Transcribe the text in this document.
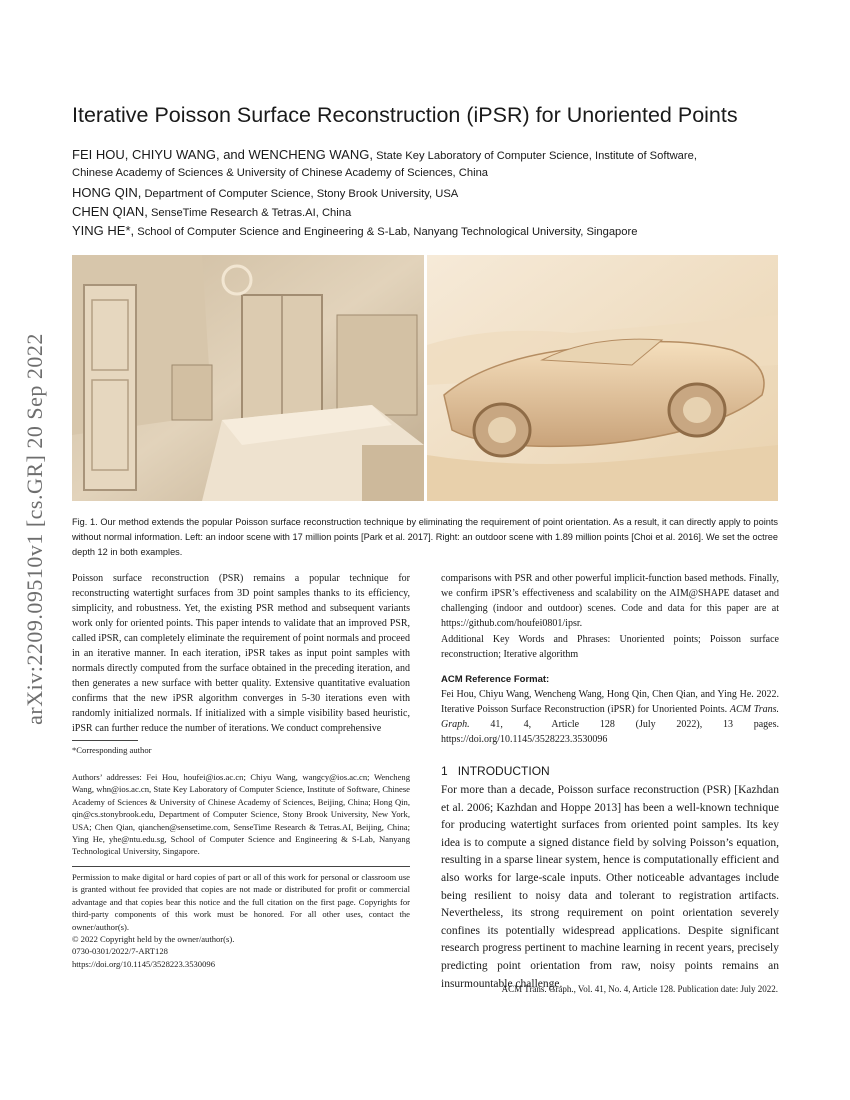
arXiv:2209.09510v1 [cs.GR] 20 Sep 2022
Iterative Poisson Surface Reconstruction (iPSR) for Unoriented Points
FEI HOU, CHIYU WANG, and WENCHENG WANG, State Key Laboratory of Computer Science, Institute of Software,
Chinese Academy of Sciences & University of Chinese Academy of Sciences, China
HONG QIN, Department of Computer Science, Stony Brook University, USA
CHEN QIAN, SenseTime Research & Tetras.AI, China
YING HE*, School of Computer Science and Engineering & S-Lab, Nanyang Technological University, Singapore
Fig. 1. Our method extends the popular Poisson surface reconstruction technique by eliminating the requirement of point orientation. As a result, it can directly apply to points without normal information. Left: an indoor scene with 17 million points [Park et al. 2017]. Right: an outdoor scene with 1.89 million points [Choi et al. 2016]. We set the octree depth 12 in both examples.

Poisson surface reconstruction (PSR) remains a popular technique for reconstructing watertight surfaces from 3D point samples thanks to its efficiency, simplicity, and robustness. Yet, the existing PSR method and subsequent variants work only for oriented points. This paper intends to validate that an improved PSR, called iPSR, can completely eliminate the requirement of point normals and proceed in an iterative manner. In each iteration, iPSR takes as input point samples with normals directly computed from the surface obtained in the preceding iteration, and then generates a new surface with better quality. Extensive quantitative evaluation confirms that the new iPSR algorithm converges in 5-30 iterations even with randomly initialized normals. If initialized with a simple visibility based heuristic, iPSR can further reduce the number of iterations. We conduct comprehensive

comparisons with PSR and other powerful implicit-function based methods. Finally, we confirm iPSR’s effectiveness and scalability on the AIM@SHAPE dataset and challenging (indoor and outdoor) scenes. Code and data for this paper are at https://github.com/houfei0801/ipsr.

Additional Key Words and Phrases: Unoriented points; Poisson surface reconstruction; Iterative algorithm

ACM Reference Format:

Fei Hou, Chiyu Wang, Wencheng Wang, Hong Qin, Chen Qian, and Ying He. 2022. Iterative Poisson Surface Reconstruction (iPSR) for Unoriented Points. ACM Trans. Graph. 41, 4, Article 128 (July 2022), 13 pages. https://doi.org/10.1145/3528223.3530096

*Corresponding author

Authors’ addresses: Fei Hou, houfei@ios.ac.cn; Chiyu Wang, wangcy@ios.ac.cn; Wencheng Wang, whn@ios.ac.cn, State Key Laboratory of Computer Science, Institute of Software, Chinese Academy of Sciences & University of Chinese Academy of Sciences, Beijing, China; Hong Qin, qin@cs.stonybrook.edu, Department of Computer Science, Stony Brook University, New York, USA; Chen Qian, qianchen@sensetime.com, SenseTime Research & Tetras.AI, Beijing, China; Ying He, yhe@ntu.edu.sg, School of Computer Science and Engineering & S-Lab, Nanyang Technological University, Singapore.

Permission to make digital or hard copies of part or all of this work for personal or classroom use is granted without fee provided that copies are not made or distributed for profit or commercial advantage and that copies bear this notice and the full citation on the first page. Copyrights for third-party components of this work must be honored. For all other uses, contact the owner/author(s).

© 2022 Copyright held by the owner/author(s).

0730-0301/2022/7-ART128

https://doi.org/10.1145/3528223.3530096

1 INTRODUCTION
For more than a decade, Poisson surface reconstruction (PSR) [Kazhdan et al. 2006; Kazhdan and Hoppe 2013] has been a well-known technique for producing watertight surfaces from oriented point samples. Its key idea is to compute a signed distance field by solving Poisson’s equation, resulting in a sparse linear system, hence is computationally efficient and also works for large-scale inputs. Other noticeable advantages include being resilient to noisy data and tolerant to registration artifacts. Nevertheless, its strong requirement on point orientation severely confines its potentially widespread applications. Despite significant research progress pertinent to machine learning in recent years, precisely predicting point orientation from raw, noisy points remains an insurmountable challenge.
ACM Trans. Graph., Vol. 41, No. 4, Article 128. Publication date: July 2022.
